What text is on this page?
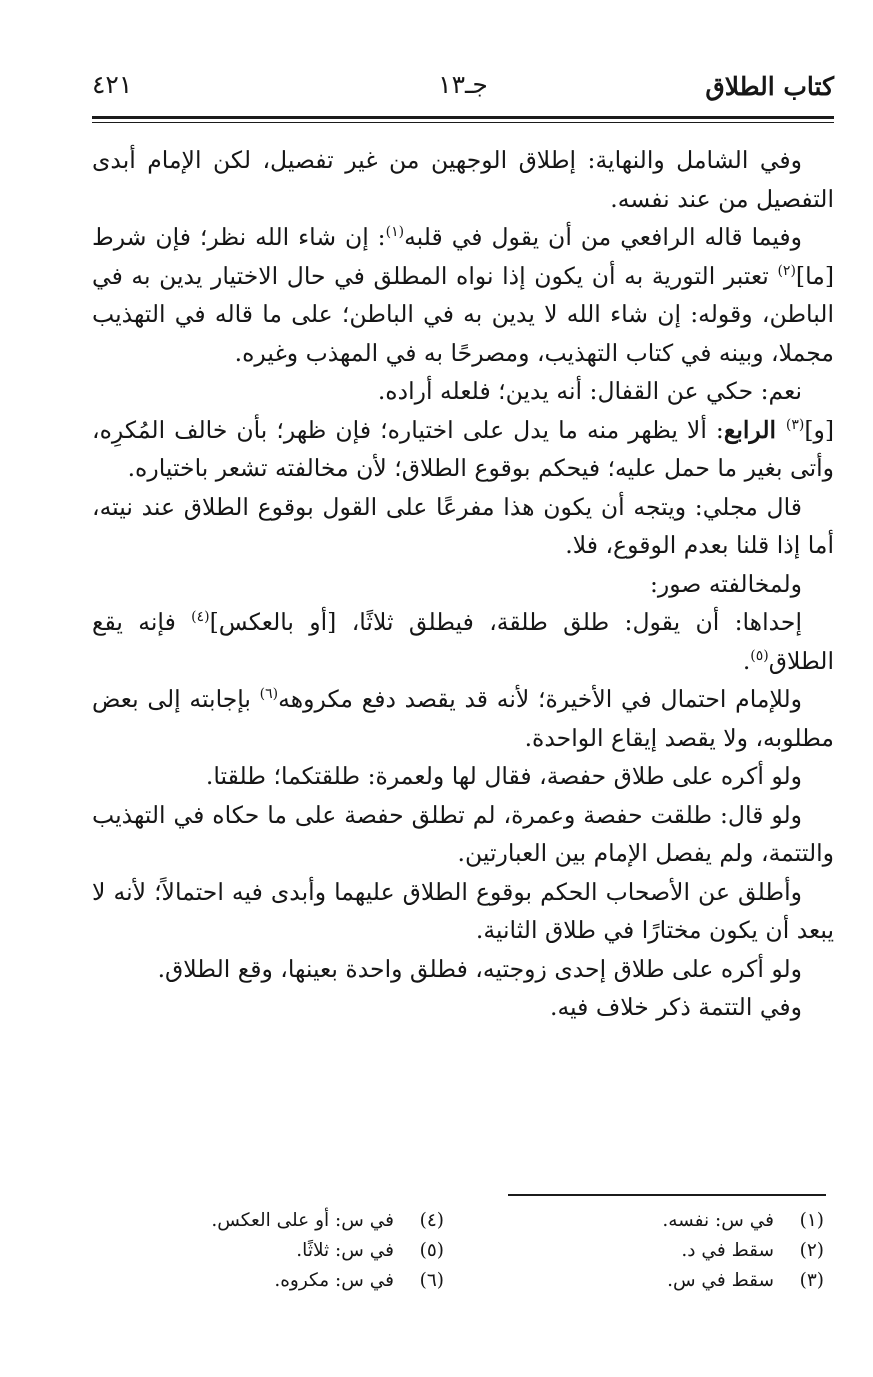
كتاب الطلاق
جـ١٣
٤٢١

وفي الشامل والنهاية: إطلاق الوجهين من غير تفصيل، لكن الإمام أبدى التفصيل من عند نفسه.

وفيما قاله الرافعي من أن يقول في قلبه$^{(١)}$: إن شاء الله نظر؛ فإن شرط [ما]$^{(٢)}$ تعتبر التورية به أن يكون إذا نواه المطلق في حال الاختيار يدين به في الباطن، وقوله: إن شاء الله لا يدين به في الباطن؛ على ما قاله في التهذيب مجملا، وبينه في كتاب التهذيب، ومصرحًا به في المهذب وغيره.

نعم: حكي عن القفال: أنه يدين؛ فلعله أراده.

[و]$^{(٣)}$ الرابع: ألا يظهر منه ما يدل على اختياره؛ فإن ظهر؛ بأن خالف المُكرِه، وأتى بغير ما حمل عليه؛ فيحكم بوقوع الطلاق؛ لأن مخالفته تشعر باختياره.

قال مجلي: ويتجه أن يكون هذا مفرعًا على القول بوقوع الطلاق عند نيته، أما إذا قلنا بعدم الوقوع، فلا.

ولمخالفته صور:

إحداها: أن يقول: طلق طلقة، فيطلق ثلاثًا، [أو بالعكس]$^{(٤)}$ فإنه يقع الطلاق$^{(٥)}$.

وللإمام احتمال في الأخيرة؛ لأنه قد يقصد دفع مكروهه$^{(٦)}$ بإجابته إلى بعض مطلوبه، ولا يقصد إيقاع الواحدة.

ولو أكره على طلاق حفصة، فقال لها ولعمرة: طلقتكما؛ طلقتا.

ولو قال: طلقت حفصة وعمرة، لم تطلق حفصة على ما حكاه في التهذيب والتتمة، ولم يفصل الإمام بين العبارتين.

وأطلق عن الأصحاب الحكم بوقوع الطلاق عليهما وأبدى فيه احتمالاً؛ لأنه لا يبعد أن يكون مختارًا في طلاق الثانية.

ولو أكره على طلاق إحدى زوجتيه، فطلق واحدة بعينها، وقع الطلاق.

وفي التتمة ذكر خلاف فيه.

(١)
في س: نفسه.
(٢)
سقط في د.
(٣)
سقط في س.
(٤)
في س: أو على العكس.
(٥)
في س: ثلاثًا.
(٦)
في س: مكروه.
